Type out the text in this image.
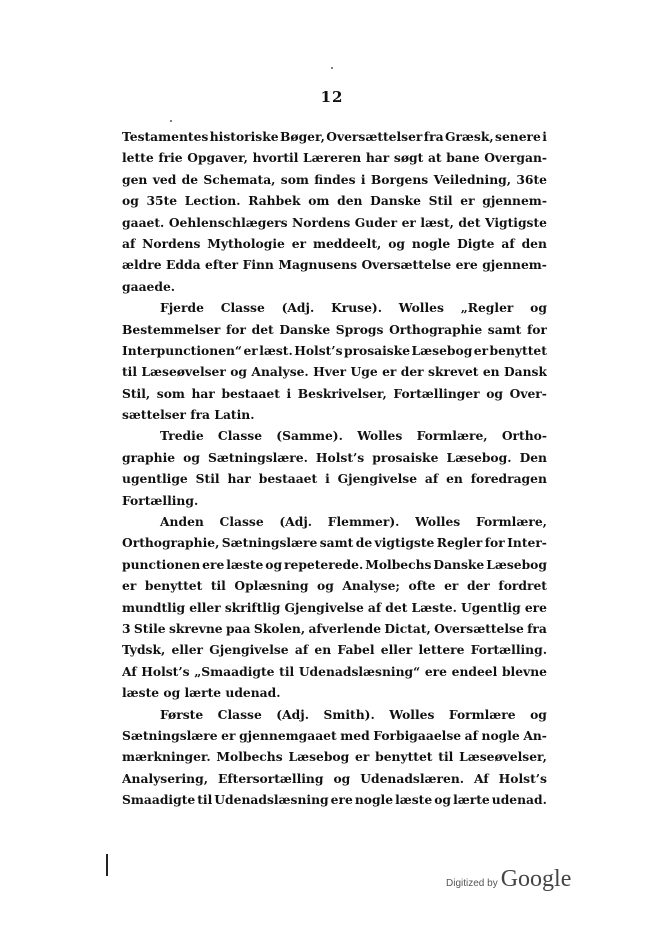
12
Testamentes historiske Bøger, Oversættelser fra Græsk, senere i
lette frie Opgaver, hvortil Læreren har søgt at bane Overgan-
gen ved de Schemata, som findes i Borgens Veiledning, 36te
og 35te Lection. Rahbek om den Danske Stil er gjennem-
gaaet. Oehlenschlægers Nordens Guder er læst, det Vigtigste
af Nordens Mythologie er meddeelt, og nogle Digte af den
ældre Edda efter Finn Magnusens Oversættelse ere gjennem-
gaaede.
Fjerde Classe (Adj. Kruse). Wolles „Regler og
Bestemmelser for det Danske Sprogs Orthographie samt for
Interpunctionen“ er læst. Holst’s prosaiske Læsebog er benyttet
til Læseøvelser og Analyse. Hver Uge er der skrevet en Dansk
Stil, som har bestaaet i Beskrivelser, Fortællinger og Over-
sættelser fra Latin.
Tredie Classe (Samme). Wolles Formlære, Ortho-
graphie og Sætningslære. Holst’s prosaiske Læsebog. Den
ugentlige Stil har bestaaet i Gjengivelse af en foredragen
Fortælling.
Anden Classe (Adj. Flemmer). Wolles Formlære,
Orthographie, Sætningslære samt de vigtigste Regler for Inter-
punctionen ere læste og repeterede. Molbechs Danske Læsebog
er benyttet til Oplæsning og Analyse; ofte er der fordret
mundtlig eller skriftlig Gjengivelse af det Læste. Ugentlig ere
3 Stile skrevne paa Skolen, afverlende Dictat, Oversættelse fra
Tydsk, eller Gjengivelse af en Fabel eller lettere Fortælling.
Af Holst’s „Smaadigte til Udenadslæsning“ ere endeel blevne
læste og lærte udenad.
Første Classe (Adj. Smith). Wolles Formlære og
Sætningslære er gjennemgaaet med Forbigaaelse af nogle An-
mærkninger. Molbechs Læsebog er benyttet til Læseøvelser,
Analysering, Eftersortælling og Udenadslæren. Af Holst’s
Smaadigte til Udenadslæsning ere nogle læste og lærte udenad.
Digitized by Google
